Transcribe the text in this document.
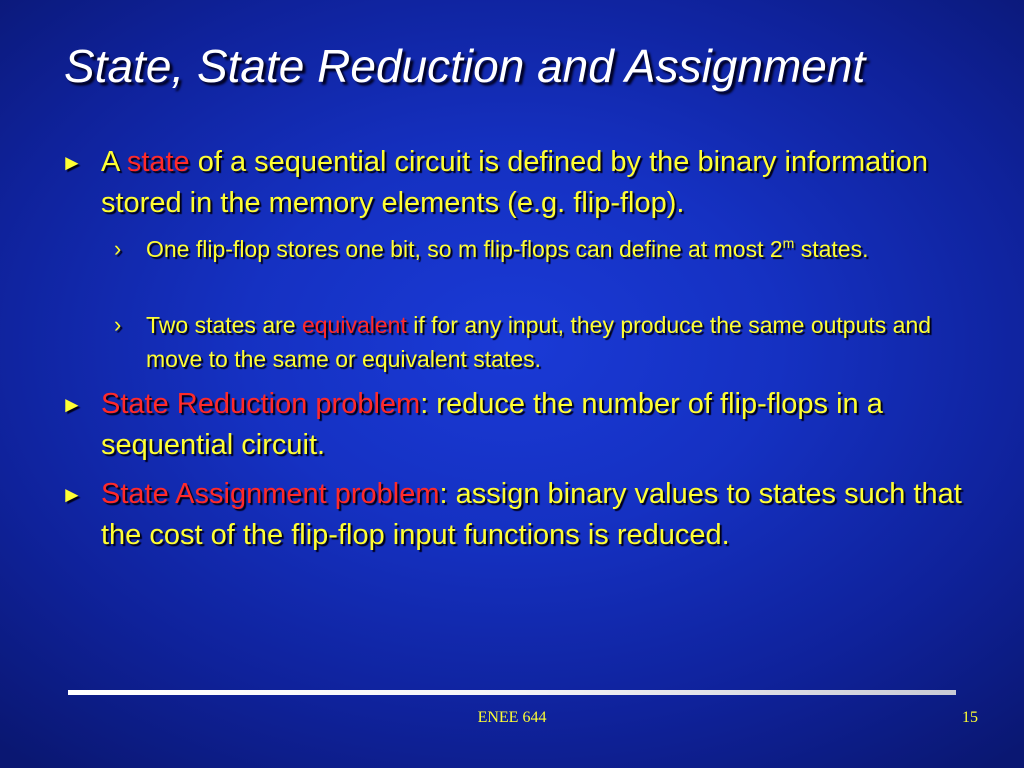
State, State Reduction and Assignment
► A state of a sequential circuit is defined by the binary information stored in the memory elements (e.g. flip-flop).
› One flip-flop stores one bit, so m flip-flops can define at most 2$^m$ states.
› Two states are equivalent if for any input, they produce the same outputs and move to the same or equivalent states.
► State Reduction problem: reduce the number of flip-flops in a sequential circuit.
► State Assignment problem: assign binary values to states such that the cost of the flip-flop input functions is reduced.
ENEE 644	15
